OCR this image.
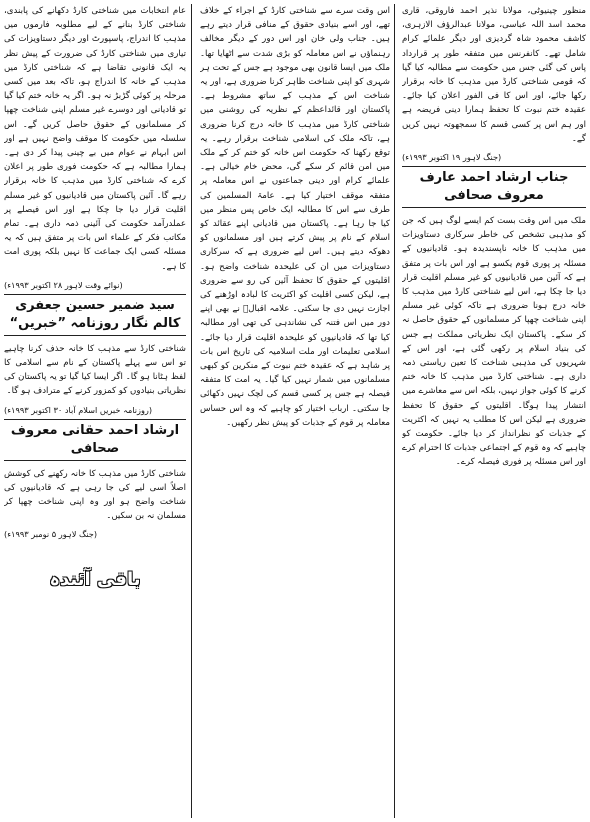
منظور چینیوٹی، مولانا نذیر احمد فاروقی، قاری محمد اسد اللہ عباسی، مولانا عبدالرؤف الازہری، کاشف محمود شاہ گردیزی اور دیگر علمائے کرام شامل تھے۔ کانفرنس میں متفقہ طور پر قرارداد پاس کی گئی جس میں حکومت سے مطالبہ کیا گیا کہ قومی شناختی کارڈ میں مذہب کا خانہ برقرار رکھا جائے، اور اس کا فی الفور اعلان کیا جائے۔ عقیدہ ختم نبوت کا تحفظ ہمارا دینی فریضہ ہے اور ہم اس پر کسی قسم کا سمجھوتہ نہیں کریں گے۔

(جنگ لاہور ۱۹ اکتوبر ۱۹۹۳ء)
جناب ارشاد احمد عارف معروف صحافی

ملک میں اس وقت بست کم ایسے لوگ ہیں کہ جن کو مذہبی تشخص کی خاطر سرکاری دستاویزات میں مذہب کا خانہ ناپسندیدہ ہو۔ قادیانیوں کے مسئلہ پر پوری قوم یکسو ہے اور اس بات پر متفق ہے کہ آئین میں قادیانیوں کو غیر مسلم اقلیت قرار دیا جا چکا ہے، اس لیے شناختی کارڈ میں مذہب کا خانہ درج ہونا ضروری ہے تاکہ کوئی غیر مسلم اپنی شناخت چھپا کر مسلمانوں کے حقوق حاصل نہ کر سکے۔ پاکستان ایک نظریاتی مملکت ہے جس کی بنیاد اسلام پر رکھی گئی ہے، اور اس کے شہریوں کی مذہبی شناخت کا تعین ریاستی ذمہ داری ہے۔ شناختی کارڈ میں مذہب کا خانہ ختم کرنے کا کوئی جواز نہیں، بلکہ اس سے معاشرے میں انتشار پیدا ہوگا۔ اقلیتوں کے حقوق کا تحفظ ضروری ہے لیکن اس کا مطلب یہ نہیں کہ اکثریت کے جذبات کو نظرانداز کر دیا جائے۔ حکومت کو چاہیے کہ وہ قوم کے اجتماعی جذبات کا احترام کرے اور اس مسئلہ پر فوری فیصلہ کرے۔

اس وقت سرے سے شناختی کارڈ کے اجراء کے خلاف تھے، اور اسے بنیادی حقوق کے منافی قرار دیتے رہے ہیں۔ جناب ولی خان اور اس دور کے دیگر مخالف رہنماؤں نے اس معاملہ کو بڑی شدت سے اٹھایا تھا۔ ملک میں ایسا قانون بھی موجود ہے جس کے تحت ہر شہری کو اپنی شناخت ظاہر کرنا ضروری ہے، اور یہ شناخت اس کے مذہب کے ساتھ مشروط ہے۔ پاکستان اور قائداعظم کے نظریہ کی روشنی میں شناختی کارڈ میں مذہب کا خانہ درج کرنا ضروری ہے، تاکہ ملک کی اسلامی شناخت برقرار رہے۔ یہ توقع رکھنا کہ حکومت اس خانہ کو ختم کر کے ملک میں امن قائم کر سکے گی، محض خام خیالی ہے۔ علمائے کرام اور دینی جماعتوں نے اس معاملہ پر متفقہ موقف اختیار کیا ہے۔ عامۃ المسلمین کی طرف سے اس کا مطالبہ ایک خاص پس منظر میں کیا جا رہا ہے۔ پاکستان میں قادیانی اپنے عقائد کو اسلام کے نام پر پیش کرتے ہیں اور مسلمانوں کو دھوکہ دیتے ہیں۔ اس لیے ضروری ہے کہ سرکاری دستاویزات میں ان کی علیحدہ شناخت واضح ہو۔ اقلیتوں کے حقوق کا تحفظ آئین کی رو سے ضروری ہے، لیکن کسی اقلیت کو اکثریت کا لبادہ اوڑھنے کی اجازت نہیں دی جا سکتی۔ علامہ اقبالؒ نے بھی اپنے دور میں اس فتنہ کی نشاندہی کی تھی اور مطالبہ کیا تھا کہ قادیانیوں کو علیحدہ اقلیت قرار دیا جائے۔ اسلامی تعلیمات اور ملت اسلامیہ کی تاریخ اس بات پر شاہد ہے کہ عقیدہ ختم نبوت کے منکرین کو کبھی مسلمانوں میں شمار نہیں کیا گیا۔ یہ امت کا متفقہ فیصلہ ہے جس پر کسی قسم کی لچک نہیں دکھائی جا سکتی۔ ارباب اختیار کو چاہیے کہ وہ اس حساس معاملہ پر قوم کے جذبات کو پیش نظر رکھیں۔

عام انتخابات میں شناختی کارڈ دکھانے کی پابندی، شناختی کارڈ بنانے کے لیے مطلوبہ فارموں میں مذہب کا اندراج، پاسپورٹ اور دیگر دستاویزات کی تیاری میں شناختی کارڈ کی ضرورت کے پیش نظر یہ ایک قانونی تقاضا ہے کہ شناختی کارڈ میں مذہب کے خانہ کا اندراج ہو، تاکہ بعد میں کسی مرحلہ پر کوئی گڑبڑ نہ ہو۔ اگر یہ خانہ ختم کیا گیا تو قادیانی اور دوسرے غیر مسلم اپنی شناخت چھپا کر مسلمانوں کے حقوق حاصل کریں گے۔ اس سلسلہ میں حکومت کا موقف واضح نہیں ہے اور اس ابہام نے عوام میں بے چینی پیدا کر دی ہے۔ ہمارا مطالبہ ہے کہ حکومت فوری طور پر اعلان کرے کہ شناختی کارڈ میں مذہب کا خانہ برقرار رہے گا۔ آئین پاکستان میں قادیانیوں کو غیر مسلم اقلیت قرار دیا جا چکا ہے اور اس فیصلے پر عملدرآمد حکومت کی آئینی ذمہ داری ہے۔ تمام مکاتب فکر کے علماء اس بات پر متفق ہیں کہ یہ مسئلہ کسی ایک جماعت کا نہیں بلکہ پوری امت کا ہے۔

(نوائے وقت لاہور ۲۸ اکتوبر ۱۹۹۳ء)
سید ضمیر حسین جعفری کالم نگار روزنامہ ”خبریں“

شناختی کارڈ سے مذہب کا خانہ حذف کرنا چاہیے تو اس سے پہلے پاکستان کے نام سے اسلامی کا لفظ ہٹانا ہو گا۔ اگر ایسا کیا گیا تو یہ پاکستان کی نظریاتی بنیادوں کو کمزور کرنے کے مترادف ہو گا۔

(روزنامہ خبریں اسلام آباد ۳۰ اکتوبر ۱۹۹۳ء)
ارشاد احمد حقانی معروف صحافی

شناختی کارڈ میں مذہب کا خانہ رکھنے کی کوشش اصلاً اسی لیے کی جا رہی ہے کہ قادیانیوں کی شناخت واضح ہو اور وہ اپنی شناخت چھپا کر مسلمان نہ بن سکیں۔

(جنگ لاہور ۵ نومبر ۱۹۹۳ء)
باقی آئندہ
